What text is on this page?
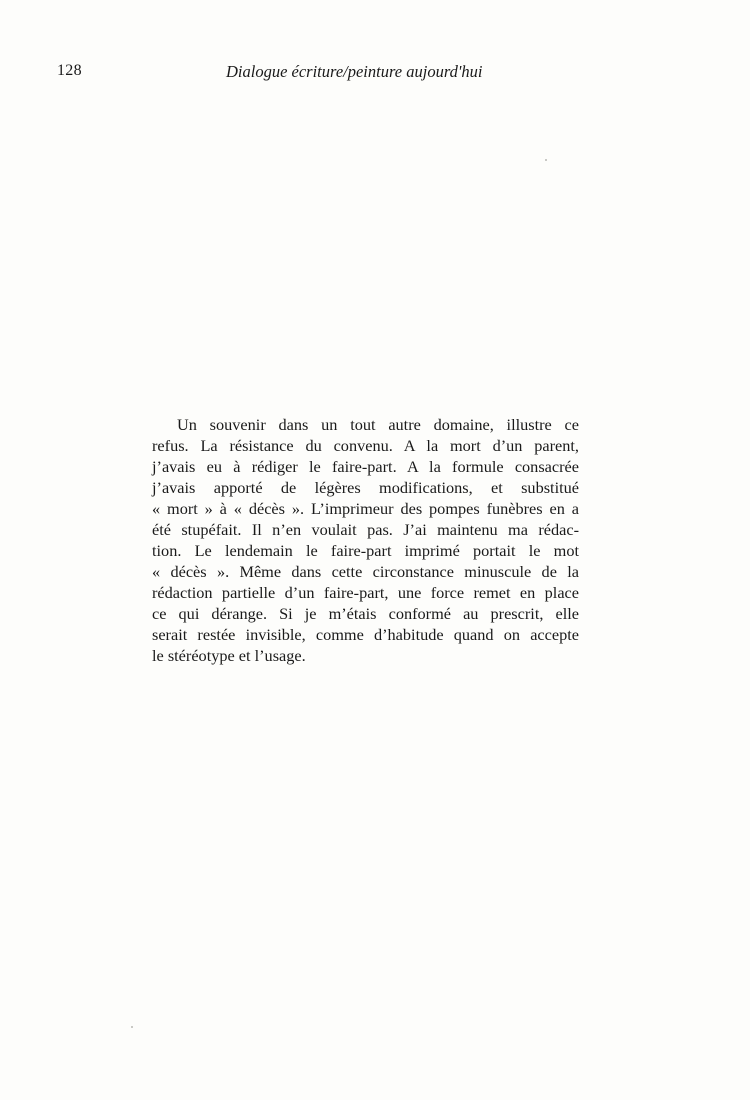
128	Dialogue écriture/peinture aujourd'hui
Un souvenir dans un tout autre domaine, illustre ce
refus. La résistance du convenu. A la mort d’un parent,
j’avais eu à rédiger le faire-part. A la formule consacrée
j’avais apporté de légères modifications, et substitué
« mort » à « décès ». L’imprimeur des pompes funèbres en a
été stupéfait. Il n’en voulait pas. J’ai maintenu ma rédac-
tion. Le lendemain le faire-part imprimé portait le mot
« décès ». Même dans cette circonstance minuscule de la
rédaction partielle d’un faire-part, une force remet en place
ce qui dérange. Si je m’étais conformé au prescrit, elle
serait restée invisible, comme d’habitude quand on accepte
le stéréotype et l’usage.
